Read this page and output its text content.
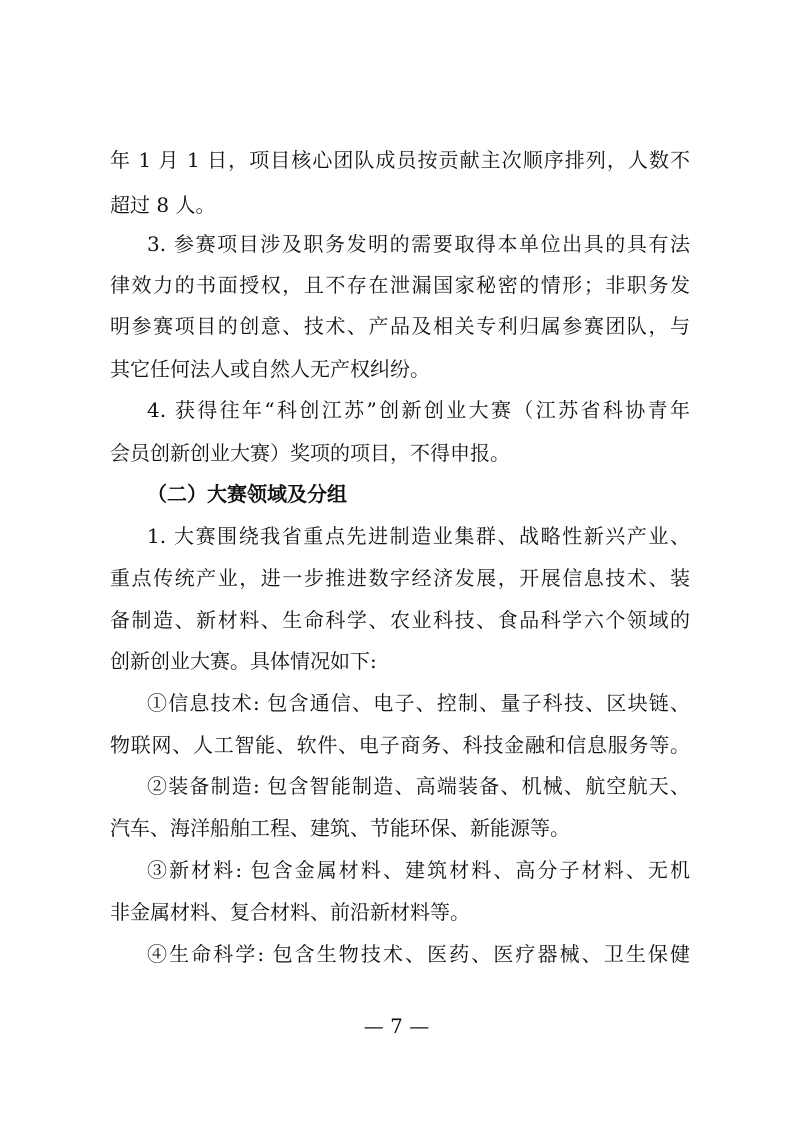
年 1 月 1 日，项目核心团队成员按贡献主次顺序排列，人数不
超过 8 人。
3. 参赛项目涉及职务发明的需要取得本单位出具的具有法
律效力的书面授权，且不存在泄漏国家秘密的情形；非职务发
明参赛项目的创意、技术、产品及相关专利归属参赛团队，与
其它任何法人或自然人无产权纠纷。
4. 获得往年“科创江苏”创新创业大赛（江苏省科协青年
会员创新创业大赛）奖项的项目，不得申报。
（二）大赛领域及分组
1. 大赛围绕我省重点先进制造业集群、战略性新兴产业、
重点传统产业，进一步推进数字经济发展，开展信息技术、装
备制造、新材料、生命科学、农业科技、食品科学六个领域的
创新创业大赛。具体情况如下:
①信息技术: 包含通信、电子、控制、量子科技、区块链、
物联网、人工智能、软件、电子商务、科技金融和信息服务等。
②装备制造: 包含智能制造、高端装备、机械、航空航天、
汽车、海洋船舶工程、建筑、节能环保、新能源等。
③新材料: 包含金属材料、建筑材料、高分子材料、无机
非金属材料、复合材料、前沿新材料等。
④生命科学: 包含生物技术、医药、医疗器械、卫生保健
— 7 —
